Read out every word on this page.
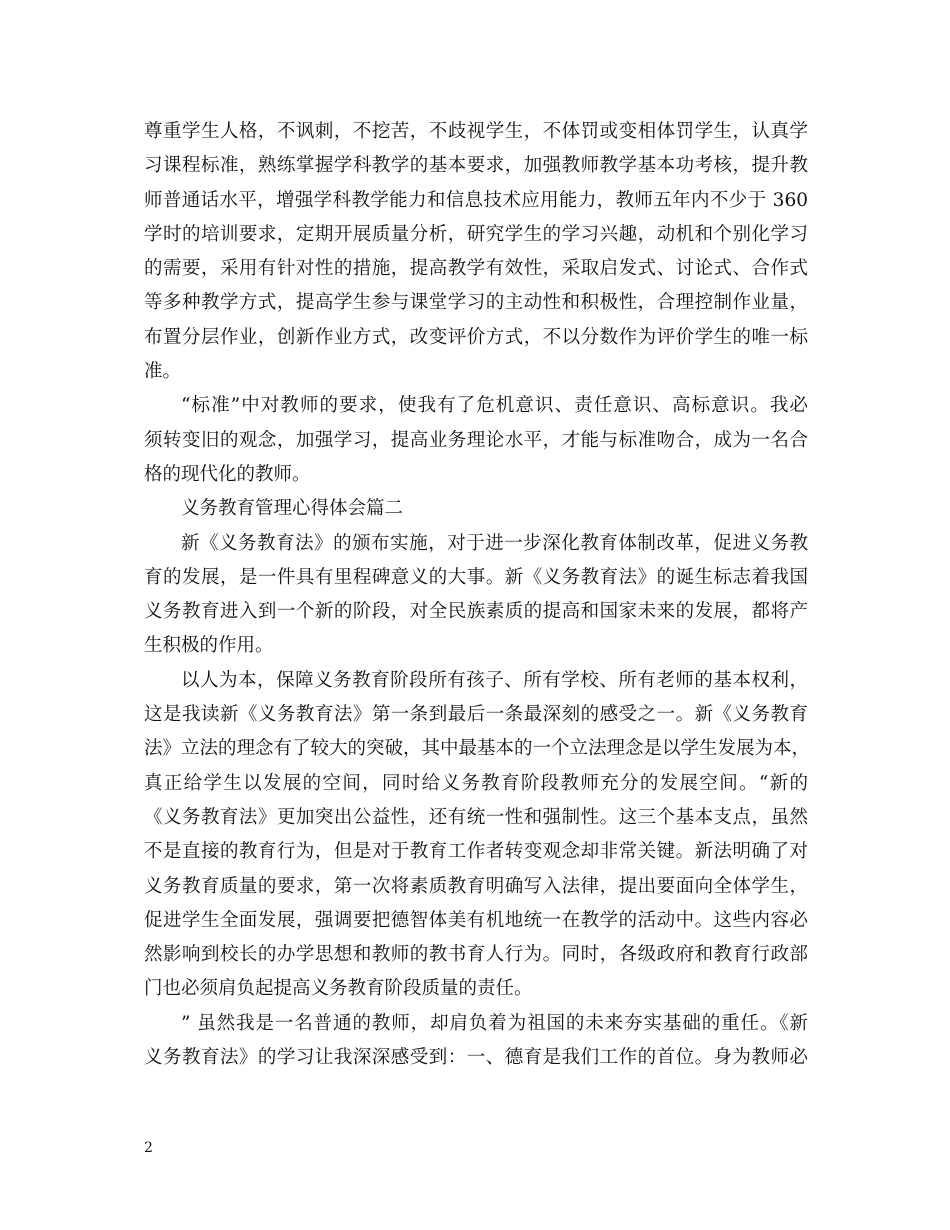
尊重学生人格，不讽刺，不挖苦，不歧视学生，不体罚或变相体罚学生，认真学
习课程标准，熟练掌握学科教学的基本要求，加强教师教学基本功考核，提升教
师普通话水平，增强学科教学能力和信息技术应用能力，教师五年内不少于 360
学时的培训要求，定期开展质量分析，研究学生的学习兴趣，动机和个别化学习
的需要，采用有针对性的措施，提高教学有效性，采取启发式、讨论式、合作式
等多种教学方式，提高学生参与课堂学习的主动性和积极性，合理控制作业量，
布置分层作业，创新作业方式，改变评价方式，不以分数作为评价学生的唯一标
准。
“标准”中对教师的要求，使我有了危机意识、责任意识、高标意识。我必
须转变旧的观念，加强学习，提高业务理论水平，才能与标准吻合，成为一名合
格的现代化的教师。
义务教育管理心得体会篇二
新《义务教育法》的颁布实施，对于进一步深化教育体制改革，促进义务教
育的发展，是一件具有里程碑意义的大事。新《义务教育法》的诞生标志着我国
义务教育进入到一个新的阶段，对全民族素质的提高和国家未来的发展，都将产
生积极的作用。
以人为本，保障义务教育阶段所有孩子、所有学校、所有老师的基本权利，
这是我读新《义务教育法》第一条到最后一条最深刻的感受之一。新《义务教育
法》立法的理念有了较大的突破，其中最基本的一个立法理念是以学生发展为本，
真正给学生以发展的空间，同时给义务教育阶段教师充分的发展空间。“新的
《义务教育法》更加突出公益性，还有统一性和强制性。这三个基本支点，虽然
不是直接的教育行为，但是对于教育工作者转变观念却非常关键。新法明确了对
义务教育质量的要求，第一次将素质教育明确写入法律，提出要面向全体学生，
促进学生全面发展，强调要把德智体美有机地统一在教学的活动中。这些内容必
然影响到校长的办学思想和教师的教书育人行为。同时，各级政府和教育行政部
门也必须肩负起提高义务教育阶段质量的责任。
” 虽然我是一名普通的教师，却肩负着为祖国的未来夯实基础的重任。《新
义务教育法》的学习让我深深感受到：一、德育是我们工作的首位。身为教师必
2
